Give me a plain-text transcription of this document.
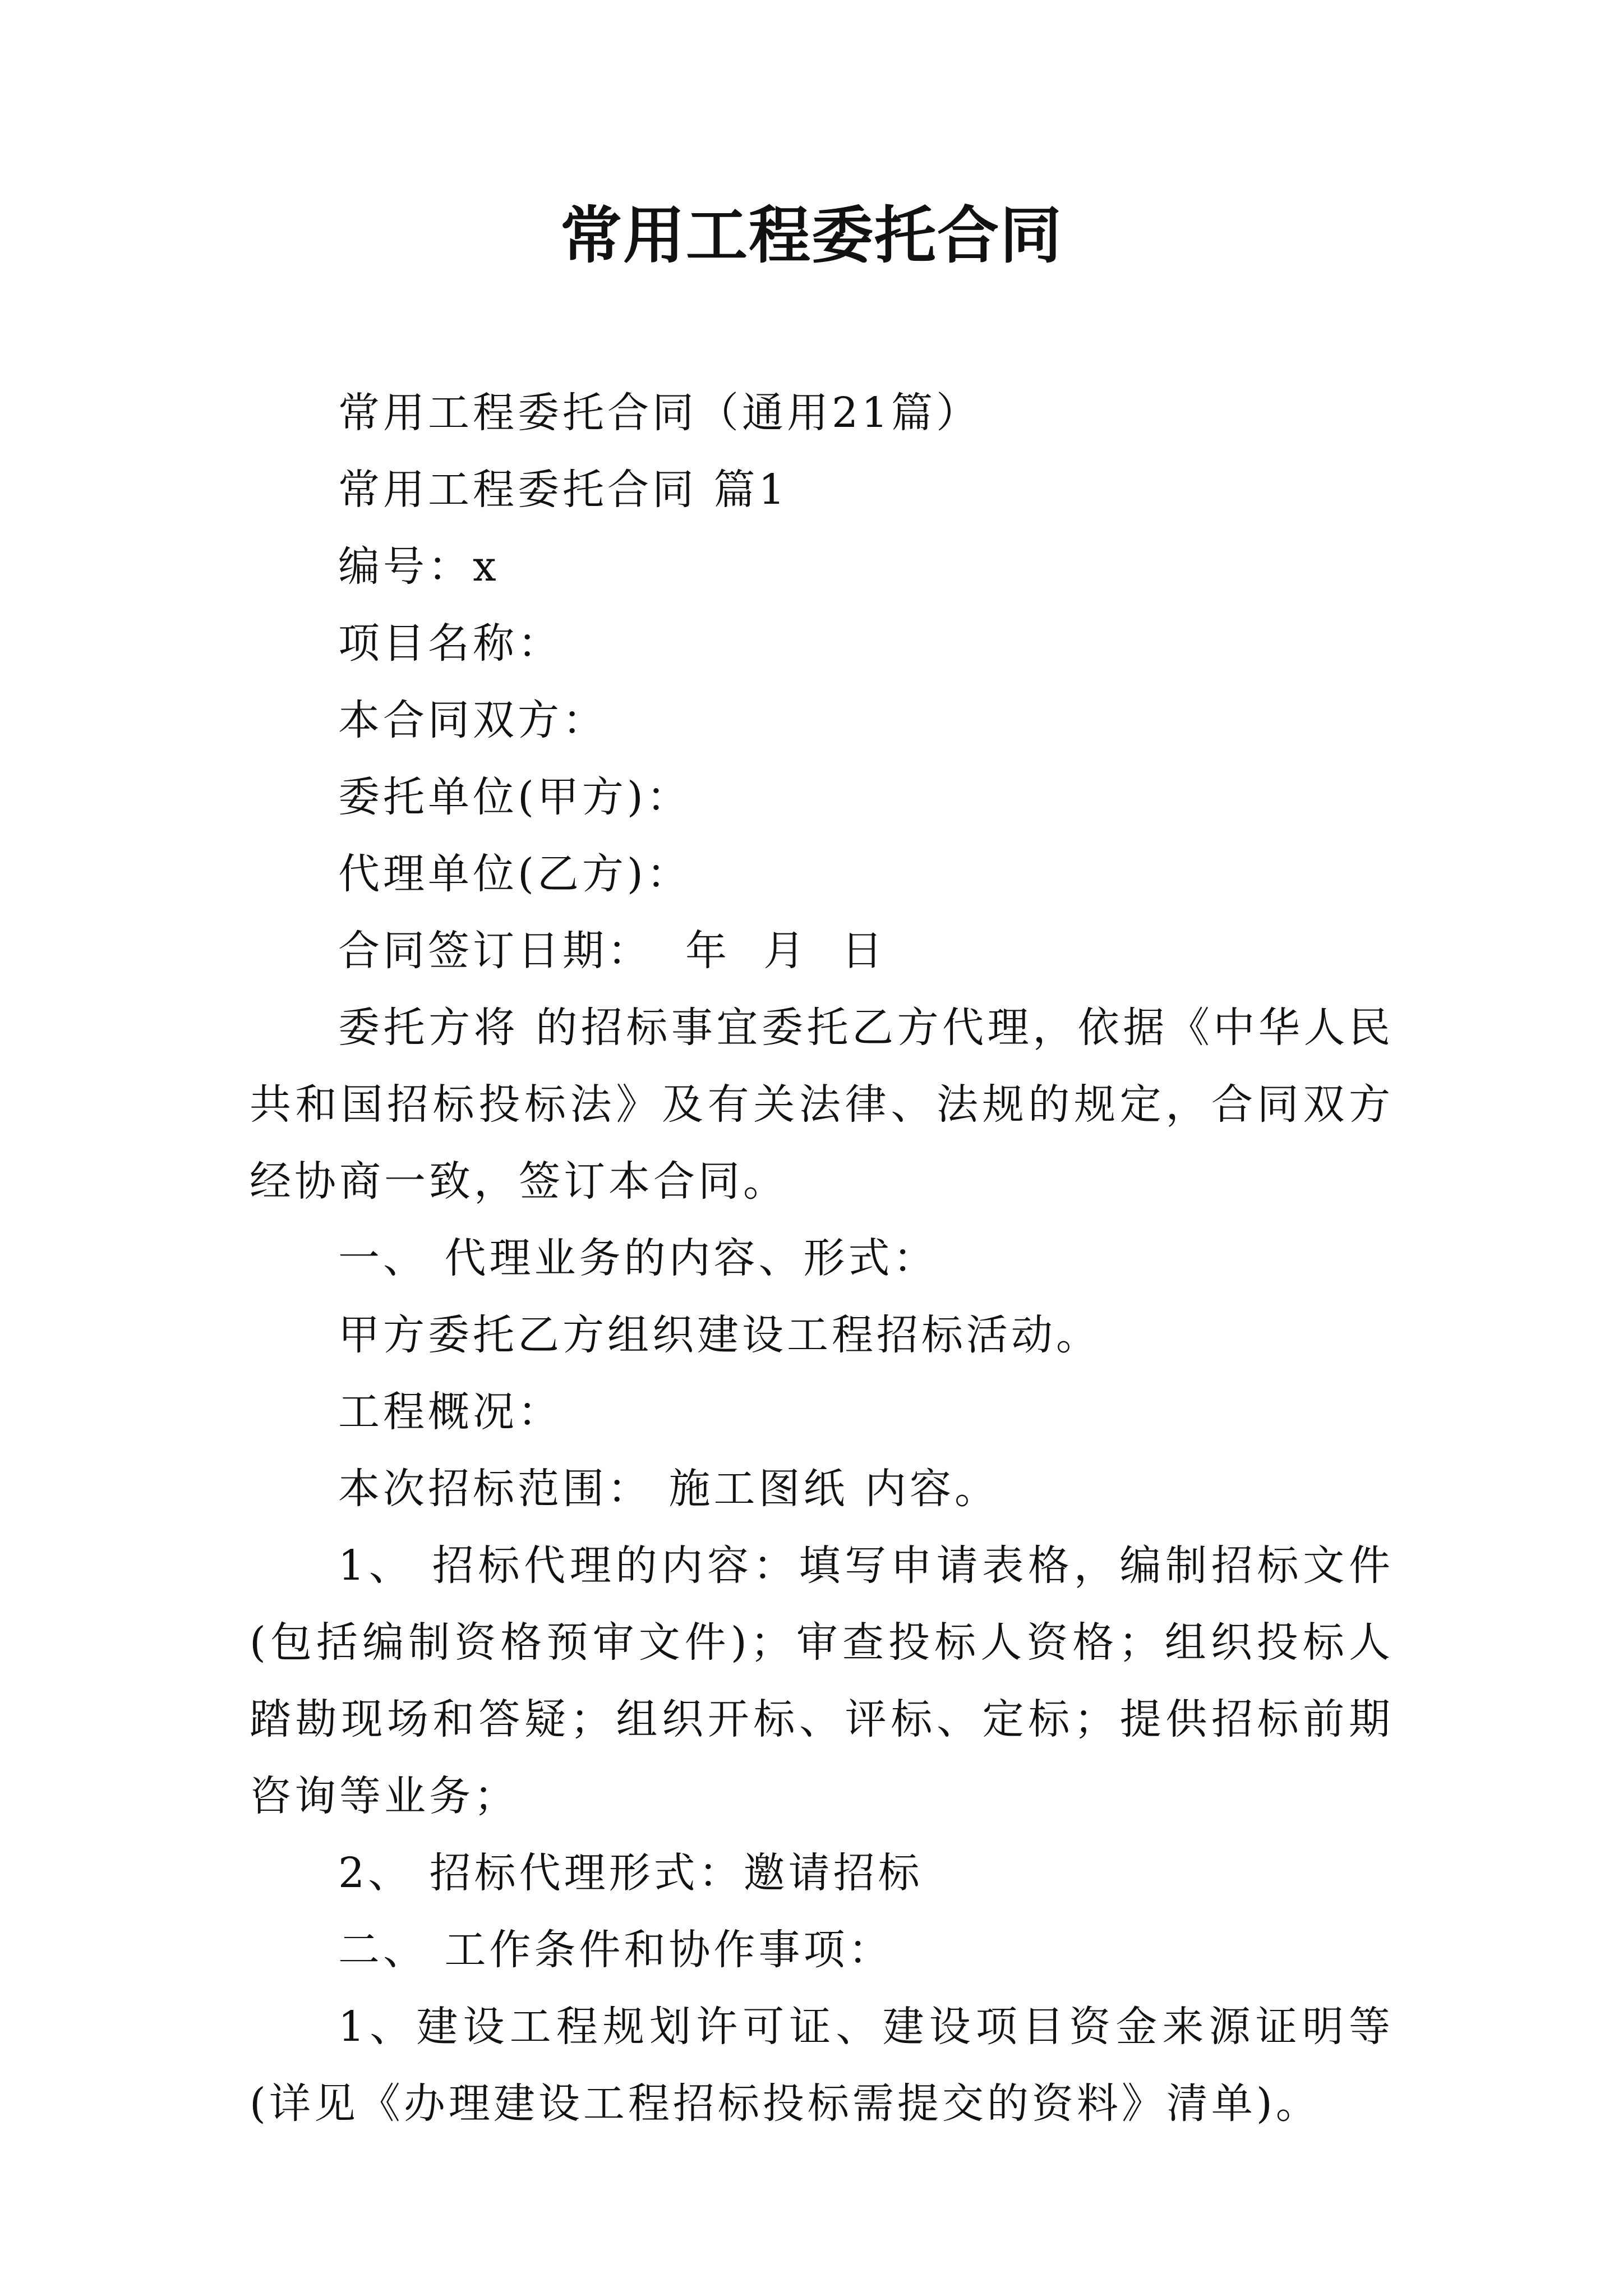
常用工程委托合同

常用工程委托合同（通用21篇）

常用工程委托合同 篇1

编号：x

项目名称：

本合同双方：

委托单位(甲方)：

代理单位(乙方)：

合同签订日期：  年  月  日

委托方将 的招标事宜委托乙方代理，依据《中华人民共和国招标投标法》及有关法律、法规的规定，合同双方经协商一致，签订本合同。

一、 代理业务的内容、形式：

甲方委托乙方组织建设工程招标活动。

工程概况：

本次招标范围： 施工图纸 内容。

1、 招标代理的内容：填写申请表格，编制招标文件(包括编制资格预审文件)；审查投标人资格；组织投标人踏勘现场和答疑；组织开标、评标、定标；提供招标前期咨询等业务；

2、 招标代理形式：邀请招标

二、 工作条件和协作事项：

1、建设工程规划许可证、建设项目资金来源证明等(详见《办理建设工程招标投标需提交的资料》清单)。
